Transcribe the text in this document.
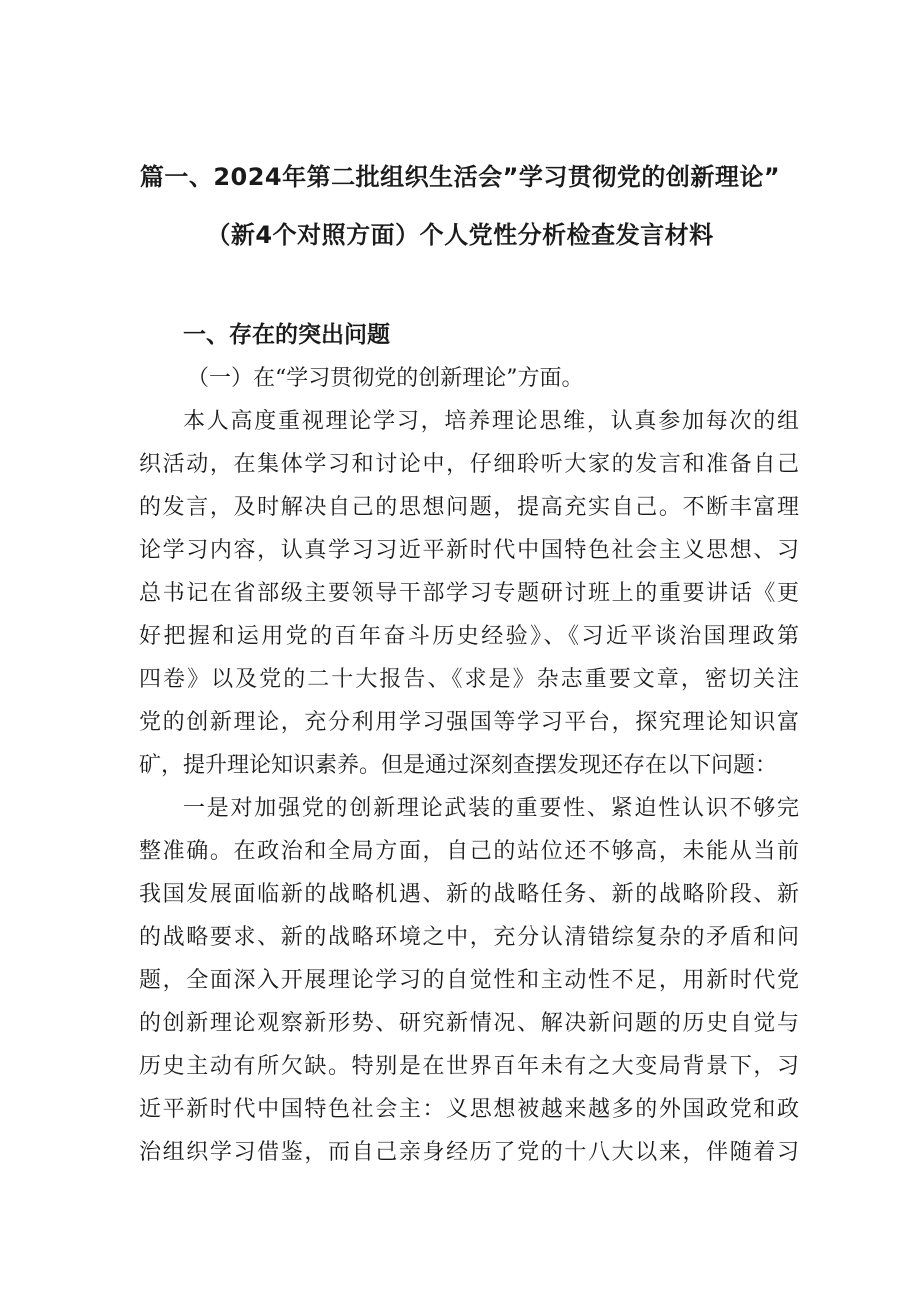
篇一、2024年第二批组织生活会”学习贯彻党的创新理论”
（新4个对照方面）个人党性分析检查发言材料
一、存在的突出问题
（一）在“学习贯彻党的创新理论”方面。
本人高度重视理论学习，培养理论思维，认真参加每次的组
织活动，在集体学习和讨论中，仔细聆听大家的发言和准备自己
的发言，及时解决自己的思想问题，提高充实自己。不断丰富理
论学习内容，认真学习习近平新时代中国特色社会主义思想、习
总书记在省部级主要领导干部学习专题研讨班上的重要讲话《更
好把握和运用党的百年奋斗历史经验》、《习近平谈治国理政第
四卷》以及党的二十大报告、《求是》杂志重要文章，密切关注
党的创新理论，充分利用学习强国等学习平台，探究理论知识富
矿，提升理论知识素养。但是通过深刻查摆发现还存在以下问题：
一是对加强党的创新理论武装的重要性、紧迫性认识不够完
整准确。在政治和全局方面，自己的站位还不够高，未能从当前
我国发展面临新的战略机遇、新的战略任务、新的战略阶段、新
的战略要求、新的战略环境之中，充分认清错综复杂的矛盾和问
题，全面深入开展理论学习的自觉性和主动性不足，用新时代党
的创新理论观察新形势、研究新情况、解决新问题的历史自觉与
历史主动有所欠缺。特别是在世界百年未有之大变局背景下，习
近平新时代中国特色社会主：义思想被越来越多的外国政党和政
治组织学习借鉴，而自己亲身经历了党的十八大以来，伴随着习
